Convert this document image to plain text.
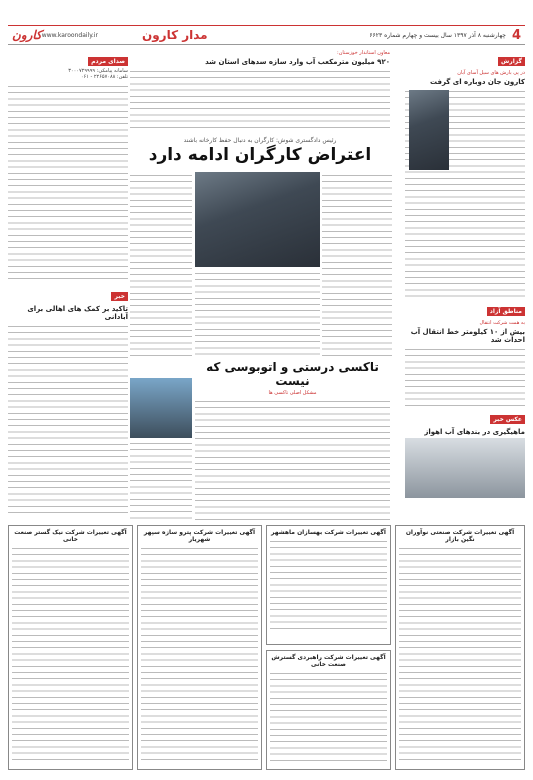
4
چهارشنبه ۸ آذر ۱۳۹۷ سال بیست و چهارم شماره ۶۶۲۳
مدار کارون
www.karoondaily.ir
کارون
گزارش
در پی بارش های سیل آسای آبان
کارون جان دوباره ای گرفت
مناطق آزاد
به همت شرکت انتقال
بیش از ۱۰ کیلومتر خط انتقال آب احداث شد
عکس خبر
ماهیگیری در بندهای آب اهواز
معاون استاندار خوزستان:
۹۲۰ میلیون مترمکعب آب وارد سازه سدهای استان شد
رئیس دادگستری شوش: کارگران به دنبال حفظ کارخانه باشند
اعتراض کارگران ادامه دارد
تاکسی درستی و اتوبوسی که نیست
مشکل اصلی تاکسی ها
صدای مردم
سامانه پیامکی: ۳۰۰۰۷۲۹۹۹۹
تلفن: ۲۲۶۵۷۰۸۸ - ۰۶۱
خبر
تاکید بر کمک های اهالی برای آبادانی
آگهی تغییرات شرکت نیک گستر صنعت خانی
آگهی تغییرات شرکت پترو سازه سپهر شهریار
آگهی تغییرات شرکت بهسازان ماهشهر
آگهی تغییرات شرکت راهبردی گسترش صنعت خانی
آگهی تغییرات شرکت صنعتی نوآوران نگین بازار
